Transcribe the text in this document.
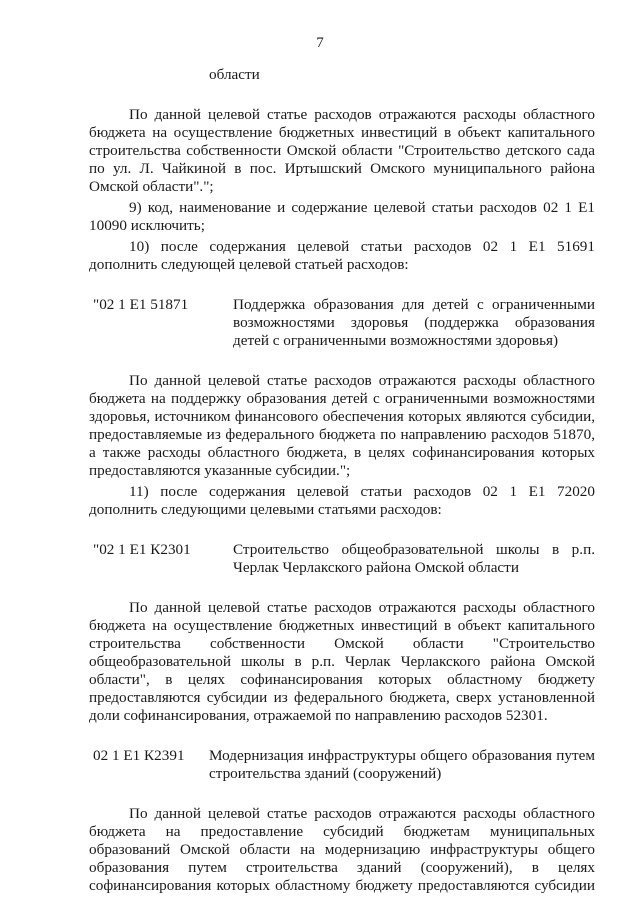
7

области

По данной целевой статье расходов отражаются расходы областного бюджета на осуществление бюджетных инвестиций в объект капитального строительства собственности Омской области "Строительство детского сада по ул. Л. Чайкиной в пос. Иртышский Омского муниципального района Омской области".";

9) код, наименование и содержание целевой статьи расходов 02 1 Е1 10090 исключить;

10) после содержания целевой статьи расходов 02 1 Е1 51691 дополнить следующей целевой статьей расходов:

"02 1 Е1 51871	Поддержка образования для детей с ограниченными возможностями здоровья (поддержка образования детей с ограниченными возможностями здоровья)

По данной целевой статье расходов отражаются расходы областного бюджета на поддержку образования детей с ограниченными возможностями здоровья, источником финансового обеспечения которых являются субсидии, предоставляемые из федерального бюджета по направлению расходов 51870, а также расходы областного бюджета, в целях софинансирования которых предоставляются указанные субсидии.";

11) после содержания целевой статьи расходов 02 1 Е1 72020 дополнить следующими целевыми статьями расходов:

"02 1 Е1 К2301	Строительство общеобразовательной школы в р.п. Черлак Черлакского района Омской области

По данной целевой статье расходов отражаются расходы областного бюджета на осуществление бюджетных инвестиций в объект капитального строительства собственности Омской области "Строительство общеобразовательной школы в р.п. Черлак Черлакского района Омской области", в целях софинансирования которых областному бюджету предоставляются субсидии из федерального бюджета, сверх установленной доли софинансирования, отражаемой по направлению расходов 52301.

02 1 Е1 К2391	Модернизация инфраструктуры общего образования путем строительства зданий (сооружений)

По данной целевой статье расходов отражаются расходы областного бюджета на предоставление субсидий бюджетам муниципальных образований Омской области на модернизацию инфраструктуры общего образования путем строительства зданий (сооружений), в целях софинансирования которых областному бюджету предоставляются субсидии
